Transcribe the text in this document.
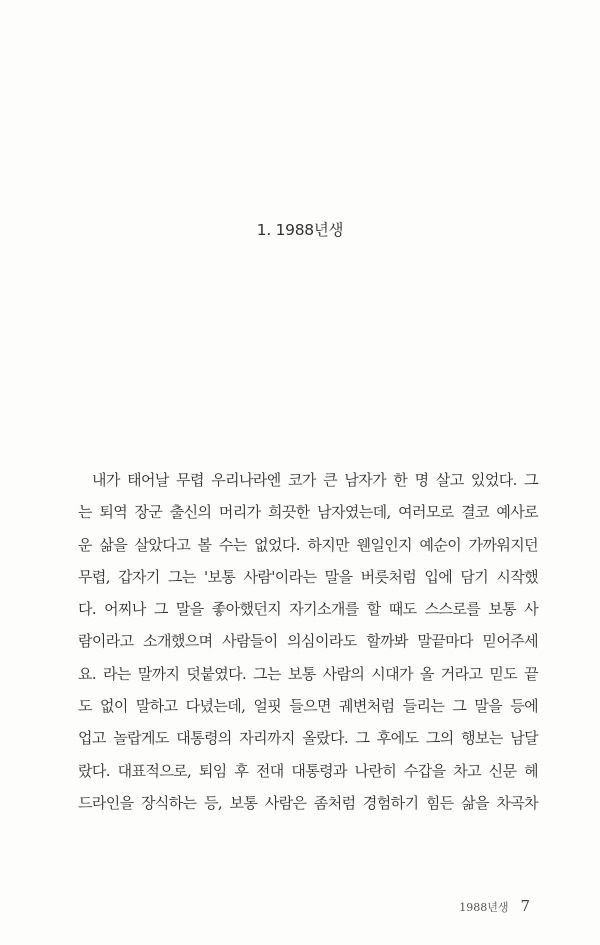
1. 1988년생
내가 태어날 무렵 우리나라엔 코가 큰 남자가 한 명 살고 있었다. 그
는 퇴역 장군 출신의 머리가 희끗한 남자였는데, 여러모로 결코 예사로
운 삶을 살았다고 볼 수는 없었다. 하지만 웬일인지 예순이 가까워지던
무렵, 갑자기 그는 '보통 사람'이라는 말을 버릇처럼 입에 담기 시작했
다. 어찌나 그 말을 좋아했던지 자기소개를 할 때도 스스로를 보통 사
람이라고 소개했으며 사람들이 의심이라도 할까봐 말끝마다 믿어주세
요. 라는 말까지 덧붙였다. 그는 보통 사람의 시대가 올 거라고 믿도 끝
도 없이 말하고 다녔는데, 얼핏 들으면 궤변처럼 들리는 그 말을 등에
업고 놀랍게도 대통령의 자리까지 올랐다. 그 후에도 그의 행보는 남달
랐다. 대표적으로, 퇴임 후 전대 대통령과 나란히 수갑을 차고 신문 헤
드라인을 장식하는 등, 보통 사람은 좀처럼 경험하기 힘든 삶을 차곡차
1988년생 7
